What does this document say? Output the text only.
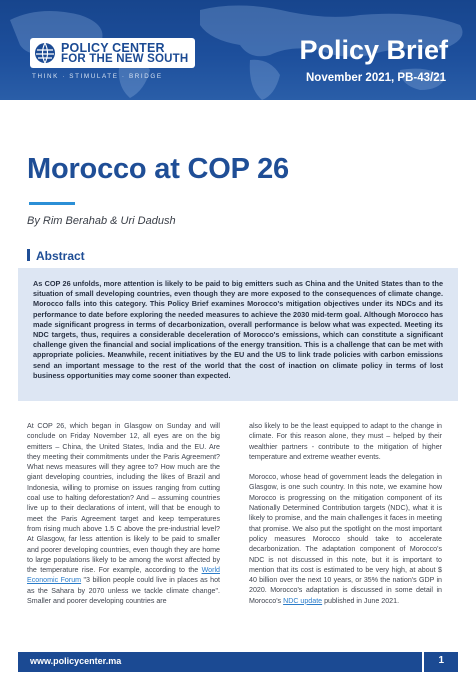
POLICY CENTER
FOR THE NEW SOUTH
THINK · STIMULATE · BRIDGE
Policy Brief
November 2021, PB-43/21
Morocco at COP 26
By Rim Berahab & Uri Dadush
Abstract

As COP 26 unfolds, more attention is likely to be paid to big emitters such as China and the United States than to the situation of small developing countries, even though they are more exposed to the consequences of climate change. Morocco falls into this category. This Policy Brief examines Morocco's mitigation objectives under its NDCs and its performance to date before exploring the needed measures to achieve the 2030 mid-term goal. Although Morocco has made significant progress in terms of decarbonization, overall performance is below what was expected. Meeting its NDC targets, thus, requires a considerable deceleration of Morocco's emissions, which can constitute a significant challenge given the financial and social implications of the energy transition. This is a challenge that can be met with appropriate policies. Meanwhile, recent initiatives by the EU and the US to link trade policies with carbon emissions send an important message to the rest of the world that the cost of inaction on climate policy in terms of lost business opportunities may come sooner than expected.

At COP 26, which began in Glasgow on Sunday and will conclude on Friday November 12, all eyes are on the big emitters – China, the United States, India and the EU. Are they meeting their commitments under the Paris Agreement? What news measures will they agree to? How much are the giant developing countries, including the likes of Brazil and Indonesia, willing to promise on issues ranging from cutting coal use to halting deforestation? And – assuming countries live up to their declarations of intent, will that be enough to meet the Paris Agreement target and keep temperatures from rising much above 1.5 C above the pre-industrial level? At Glasgow, far less attention is likely to be paid to smaller and poorer developing countries, even though they are home to large populations likely to be among the worst affected by the temperature rise. For example, according to the World Economic Forum "3 billion people could live in places as hot as the Sahara by 2070 unless we tackle climate change". Smaller and poorer developing countries are

also likely to be the least equipped to adapt to the change in climate. For this reason alone, they must – helped by their wealthier partners - contribute to the mitigation of higher temperature and extreme weather events.

Morocco, whose head of government leads the delegation in Glasgow, is one such country. In this note, we examine how Morocco is progressing on the mitigation component of its Nationally Determined Contribution targets (NDC), what it is likely to promise, and the main challenges it faces in meeting that promise. We also put the spotlight on the most important policy measures Morocco should take to accelerate decarbonization. The adaptation component of Morocco's NDC is not discussed in this note, but it is important to mention that its cost is estimated to be very high, at about $ 40 billion over the next 10 years, or 35% the nation's GDP in 2020. Morocco's adaptation is discussed in some detail in Morocco's NDC update published in June 2021.

www.policycenter.ma	1
